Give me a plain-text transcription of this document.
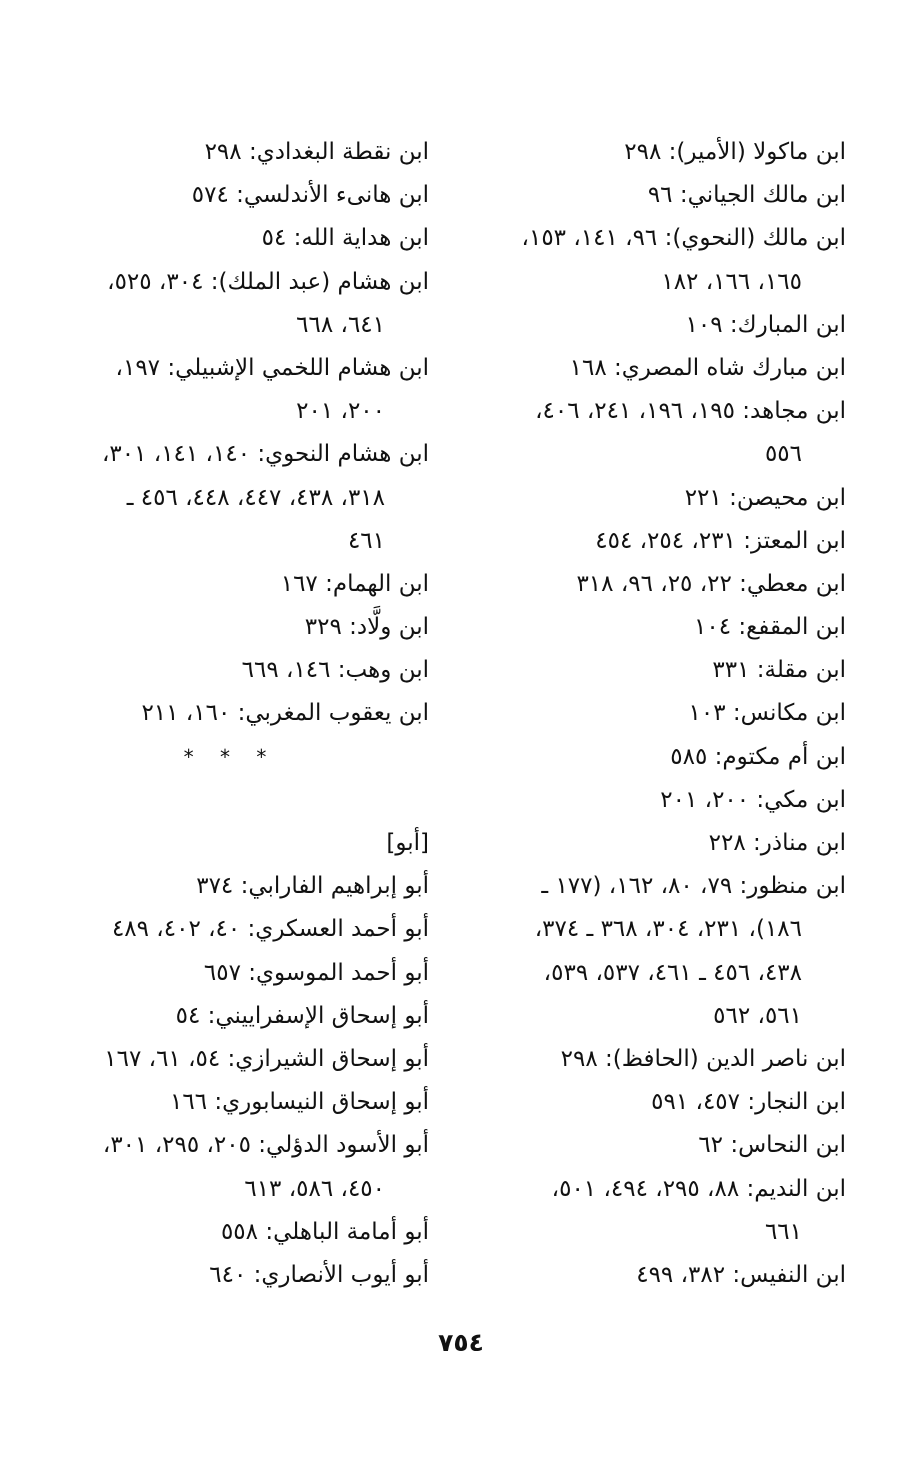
ابن ماكولا (الأمير): ٢٩٨
ابن مالك الجياني: ٩٦
ابن مالك (النحوي): ٩٦، ١٤١، ١٥٣،
١٦٥، ١٦٦، ١٨٢
ابن المبارك: ١٠٩
ابن مبارك شاه المصري: ١٦٨
ابن مجاهد: ١٩٥، ١٩٦، ٢٤١، ٤٠٦،
٥٥٦
ابن محيصن: ٢٢١
ابن المعتز: ٢٣١، ٢٥٤، ٤٥٤
ابن معطي: ٢٢، ٢٥، ٩٦، ٣١٨
ابن المقفع: ١٠٤
ابن مقلة: ٣٣١
ابن مكانس: ١٠٣
ابن أم مكتوم: ٥٨٥
ابن مكي: ٢٠٠، ٢٠١
ابن مناذر: ٢٢٨
ابن منظور: ٧٩، ٨٠، ١٦٢، (١٧٧ ـ
١٨٦)، ٢٣١، ٣٠٤، ٣٦٨ ـ ٣٧٤،
٤٣٨، ٤٥٦ ـ ٤٦١، ٥٣٧، ٥٣٩،
٥٦١، ٥٦٢
ابن ناصر الدين (الحافظ): ٢٩٨
ابن النجار: ٤٥٧، ٥٩١
ابن النحاس: ٦٢
ابن النديم: ٨٨، ٢٩٥، ٤٩٤، ٥٠١،
٦٦١
ابن النفيس: ٣٨٢، ٤٩٩
ابن نقطة البغدادي: ٢٩٨
ابن هانىء الأندلسي: ٥٧٤
ابن هداية الله: ٥٤
ابن هشام (عبد الملك): ٣٠٤، ٥٢٥،
٦٤١، ٦٦٨
ابن هشام اللخمي الإشبيلي: ١٩٧،
٢٠٠، ٢٠١
ابن هشام النحوي: ١٤٠، ١٤١، ٣٠١،
٣١٨، ٤٣٨، ٤٤٧، ٤٤٨، ٤٥٦ ـ
٤٦١
ابن الهمام: ١٦٧
ابن ولَّاد: ٣٢٩
ابن وهب: ١٤٦، ٦٦٩
ابن يعقوب المغربي: ١٦٠، ٢١١
* * *
[أبو]
أبو إبراهيم الفارابي: ٣٧٤
أبو أحمد العسكري: ٤٠، ٤٠٢، ٤٨٩
أبو أحمد الموسوي: ٦٥٧
أبو إسحاق الإسفراييني: ٥٤
أبو إسحاق الشيرازي: ٥٤، ٦١، ١٦٧
أبو إسحاق النيسابوري: ١٦٦
أبو الأسود الدؤلي: ٢٠٥، ٢٩٥، ٣٠١،
٤٥٠، ٥٨٦، ٦١٣
أبو أمامة الباهلي: ٥٥٨
أبو أيوب الأنصاري: ٦٤٠
٧٥٤
